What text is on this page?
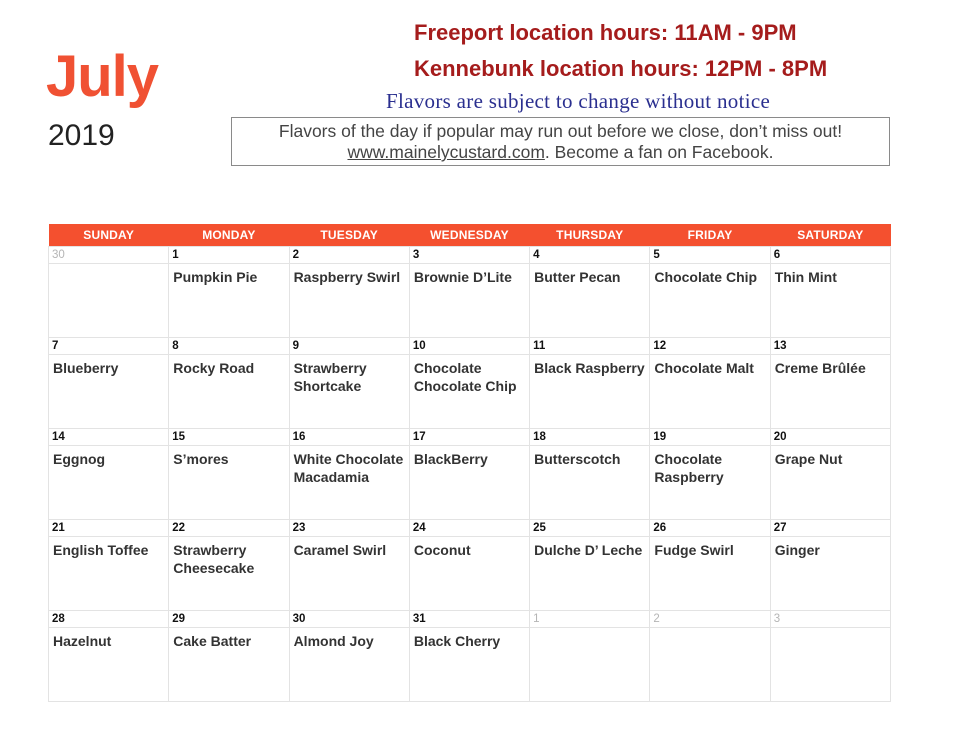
July
2019
Freeport location hours: 11AM - 9PM
Kennebunk location hours: 12PM - 8PM
Flavors are subject to change without notice
Flavors of the day if popular may run out before we close, don’t miss out!
www.mainelycustard.com. Become a fan on Facebook.
SUNDAY	MONDAY	TUESDAY	WEDNESDAY	THURSDAY	FRIDAY	SATURDAY
30	1	2	3	4	5	6
	Pumpkin Pie	Raspberry Swirl	Brownie D’Lite	Butter Pecan	Chocolate Chip	Thin Mint
7	8	9	10	11	12	13
Blueberry	Rocky Road	Strawberry Shortcake	Chocolate Chocolate Chip	Black Raspberry	Chocolate Malt	Creme Brûlée
14	15	16	17	18	19	20
Eggnog	S’mores	White Chocolate Macadamia	BlackBerry	Butterscotch	Chocolate Raspberry	Grape Nut
21	22	23	24	25	26	27
English Toffee	Strawberry Cheesecake	Caramel Swirl	Coconut	Dulche D’ Leche	Fudge Swirl	Ginger
28	29	30	31	1	2	3
Hazelnut	Cake Batter	Almond Joy	Black Cherry			
